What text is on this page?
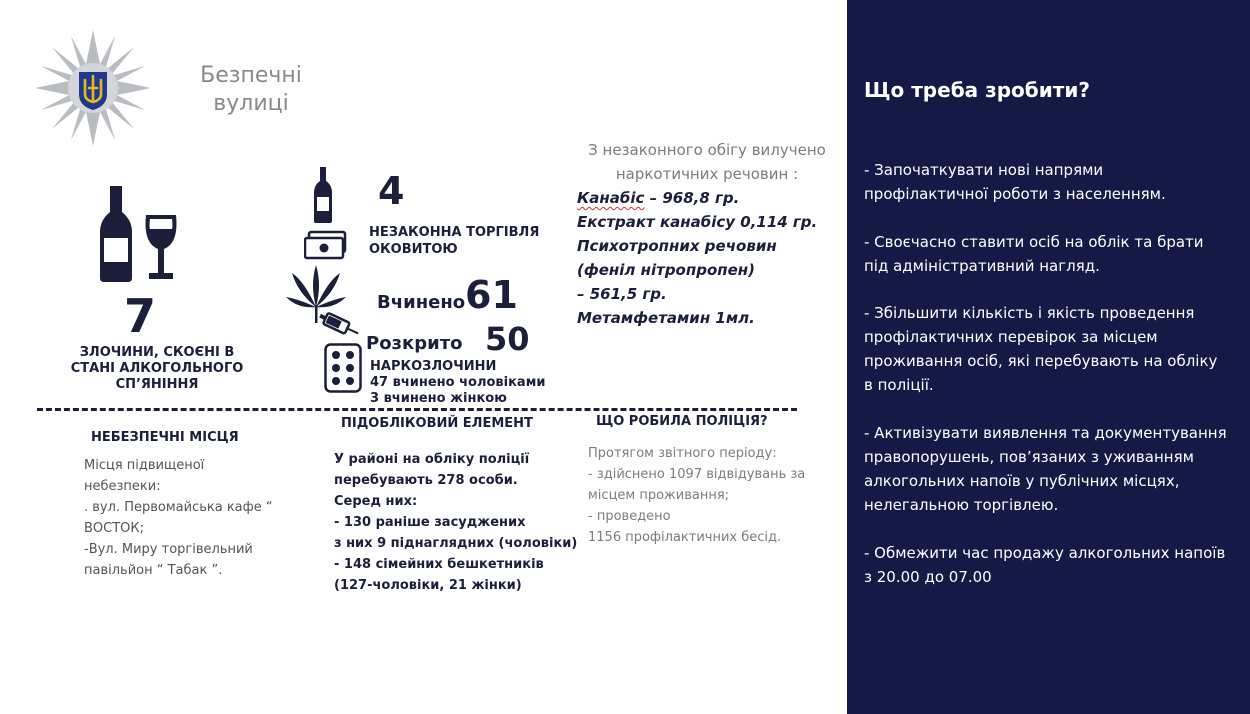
Безпечні
вулиці
7
ЗЛОЧИНИ, СКОЄНІ В
СТАНІ АЛКОГОЛЬНОГО
СП’ЯНІННЯ
4
НЕЗАКОННА ТОРГІВЛЯ
ОКОВИТОЮ
Вчинено 61
Розкрито 50
НАРКОЗЛОЧИНИ
47 вчинено чоловіками
3 вчинено жінкою
З незаконного обігу вилучено
наркотичних речовин :
Канабіс – 968,8 гр.
Екстракт канабісу 0,114 гр.
Психотропних речовин
(феніл нітропропен)
– 561,5 гр.
Метамфетамин 1мл.
НЕБЕЗПЕЧНІ МІСЦЯ
Місця підвищеної
небезпеки:
. вул. Первомайська кафе “
ВОСТОК;
-Вул. Миру торгівельний
павільйон “ Табак ”.
ПІДОБЛІКОВИЙ ЕЛЕМЕНТ
У районі на обліку поліції
перебувають 278 особи.
Серед них:
- 130 раніше засуджених
з них 9 піднаглядних (чоловіки)
- 148 сімейних бешкетників
(127-чоловіки, 21 жінки)
ЩО РОБИЛА ПОЛІЦІЯ?
Протягом звітного періоду:
- здійснено 1097 відвідувань за
місцем проживання;
- проведено
1156 профілактичних бесід.
Що треба зробити?
- Започаткувати нові напрями
профілактичної роботи з населенням.
- Своєчасно ставити осіб на облік та брати
під адміністративний нагляд.
- Збільшити кількість і якість проведення
профілактичних перевірок за місцем
проживання осіб, які перебувають на обліку
в поліції.
- Активізувати виявлення та документування
правопорушень, пов’язаних з уживанням
алкогольних напоїв у публічних місцях,
нелегальною торгівлею.
- Обмежити час продажу алкогольних напоїв
з 20.00 до 07.00
